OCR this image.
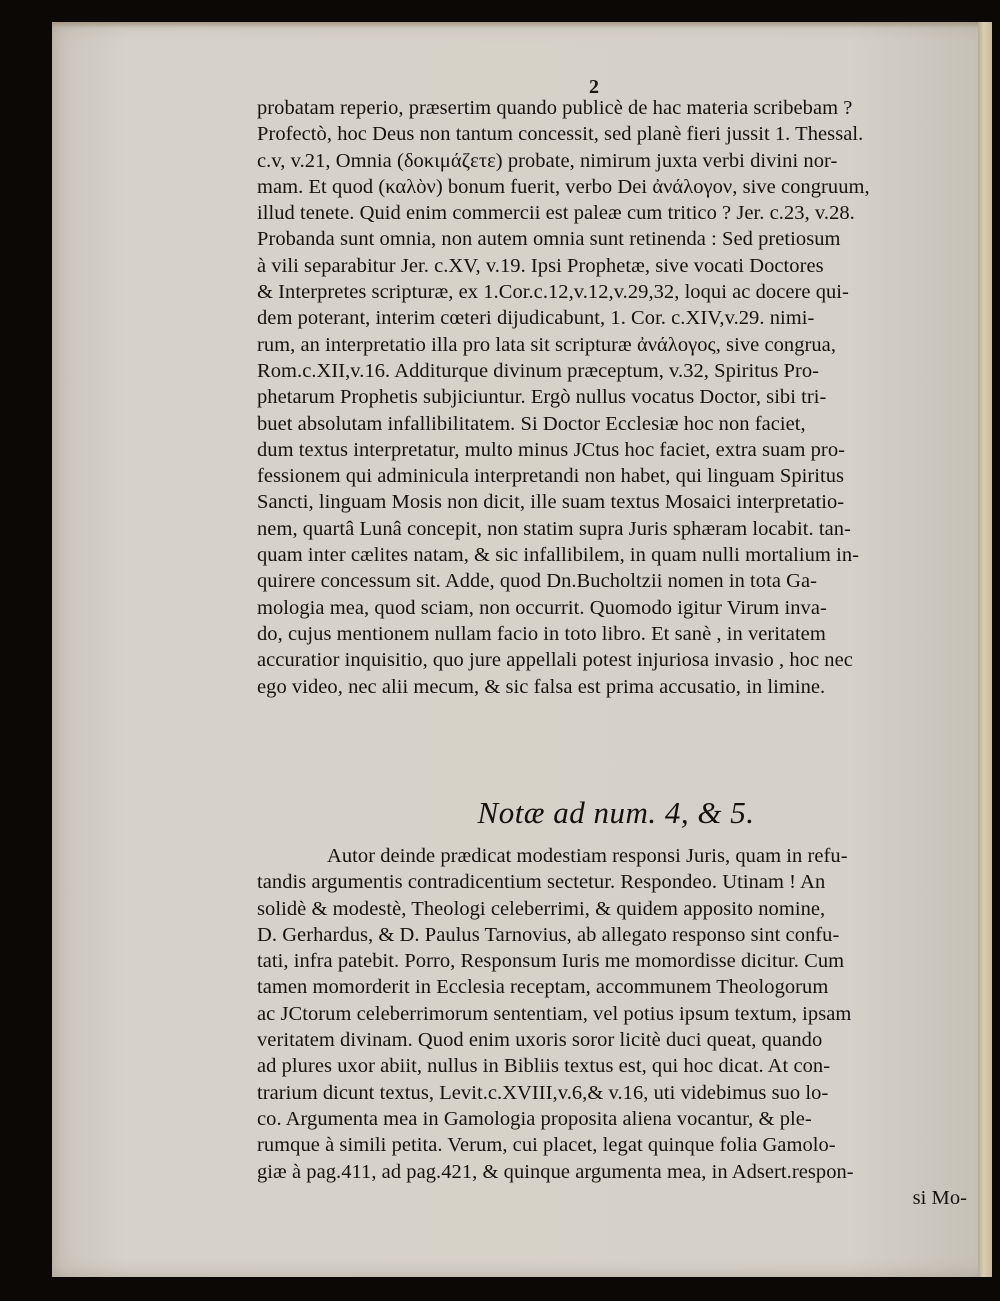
2
probatam reperio, præsertim quando publicè de hac materia scribebam ?
Profectò, hoc Deus non tantum concessit, sed planè fieri jussit 1. Thessal.
c.v, v.21, Omnia (δοκιμάζετε) probate, nimirum juxta verbi divini nor-
mam. Et quod (καλὸν) bonum fuerit, verbo Dei ἀνάλογον, sive congruum,
illud tenete. Quid enim commercii est paleæ cum tritico ? Jer. c.23, v.28.
Probanda sunt omnia, non autem omnia sunt retinenda : Sed pretiosum
à vili separabitur Jer. c.XV, v.19. Ipsi Prophetæ, sive vocati Doctores
& Interpretes scripturæ, ex 1.Cor.c.12,v.12,v.29,32, loqui ac docere qui-
dem poterant, interim cœteri dijudicabunt, 1. Cor. c.XIV,v.29. nimi-
rum, an interpretatio illa pro lata sit scripturæ ἀνάλογος, sive congrua,
Rom.c.XII,v.16. Additurque divinum præceptum, v.32, Spiritus Pro-
phetarum Prophetis subjiciuntur. Ergò nullus vocatus Doctor, sibi tri-
buet absolutam infallibilitatem. Si Doctor Ecclesiæ hoc non faciet,
dum textus interpretatur, multo minus JCtus hoc faciet, extra suam pro-
fessionem qui adminicula interpretandi non habet, qui linguam Spiritus
Sancti, linguam Mosis non dicit, ille suam textus Mosaici interpretatio-
nem, quartâ Lunâ concepit, non statim supra Juris sphæram locabit. tan-
quam inter cælites natam, & sic infallibilem, in quam nulli mortalium in-
quirere concessum sit. Adde, quod Dn.Bucholtzii nomen in tota Ga-
mologia mea, quod sciam, non occurrit. Quomodo igitur Virum inva-
do, cujus mentionem nullam facio in toto libro. Et sanè , in veritatem
accuratior inquisitio, quo jure appellali potest injuriosa invasio , hoc nec
ego video, nec alii mecum, & sic falsa est prima accusatio, in limine.
Notæ ad num. 4, & 5.
Autor deinde prædicat modestiam responsi Juris, quam in refu-
tandis argumentis contradicentium sectetur. Respondeo. Utinam ! An
solidè & modestè, Theologi celeberrimi, & quidem apposito nomine,
D. Gerhardus, & D. Paulus Tarnovius, ab allegato responso sint confu-
tati, infra patebit. Porro, Responsum Iuris me momordisse dicitur. Cum
tamen momorderit in Ecclesia receptam, accommunem Theologorum
ac JCtorum celeberrimorum sententiam, vel potius ipsum textum, ipsam
veritatem divinam. Quod enim uxoris soror licitè duci queat, quando
ad plures uxor abiit, nullus in Bibliis textus est, qui hoc dicat. At con-
trarium dicunt textus, Levit.c.XVIII,v.6,& v.16, uti videbimus suo lo-
co. Argumenta mea in Gamologia proposita aliena vocantur, & ple-
rumque à simili petita. Verum, cui placet, legat quinque folia Gamolo-
giæ à pag.411, ad pag.421, & quinque argumenta mea, in Adsert.respon-
si Mo-
